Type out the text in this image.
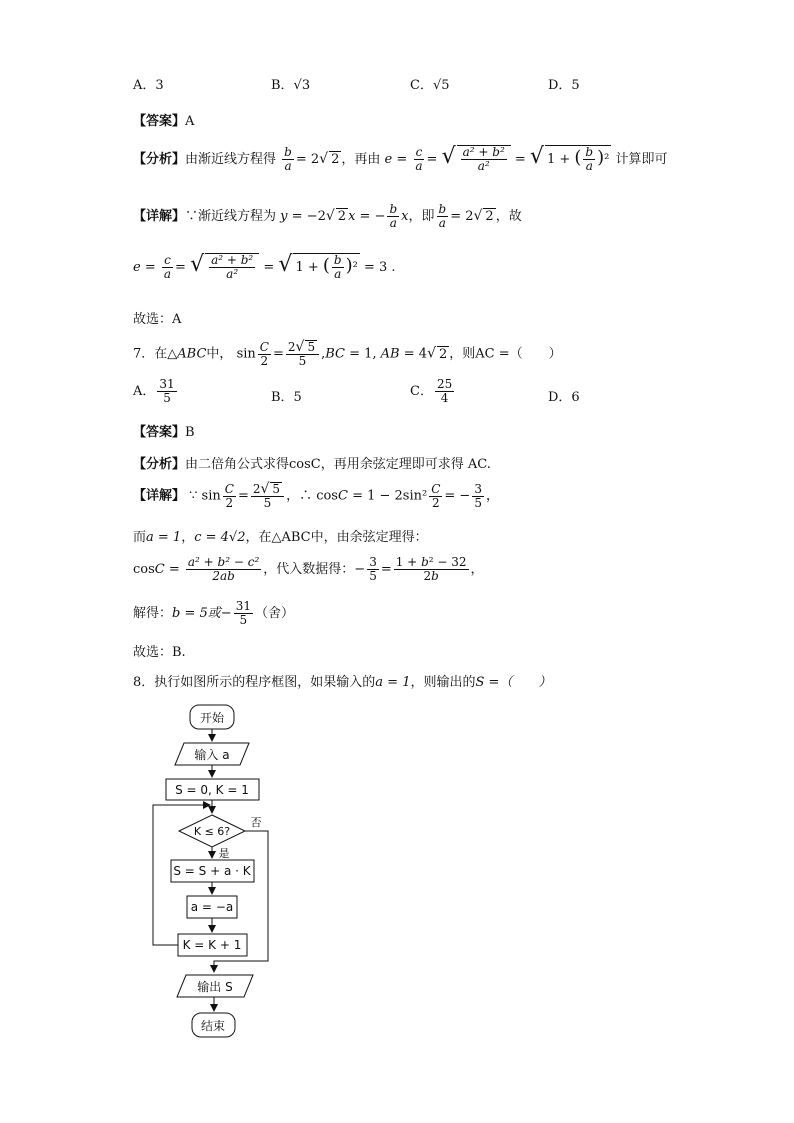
A．3	B．√3	C．√5	D．5
【答案】A
【分析】由渐近线方程得 $\frac{b}{a} = 2√$ 2 ，再由 $e = \frac{c}{a}$ = √ $\frac{\text{a² + b²}}{\text{a²}}$ = √ 1 + ( $\frac{b}{a} )^2$ 计算即可
【详解】∵渐近线方程为 y = −2√ 2 x = − $\frac{b}{a}$ x，即 $\frac{b}{a} = 2√$ 2 ，故
$e = \frac{c}{a}$ = √ $\frac{\text{a² + b²}}{\text{a²}}$ = √ 1 + ( $\frac{b}{a} )^2 = 3$ .
故选：A
7．在△ABC中， $\sin \frac{C}{2} = \frac{2√ 5}{5} ,BC = 1$, AB = 4√ 2 ，则AC =（　　）
A． $\frac{31}{5}$	B．5	C． $\frac{25}{4}$	D．6
【答案】B
【分析】由二倍角公式求得cosC，再用余弦定理即可求得 AC.
【详解】 ∵ $\sin \frac{C}{2} = \frac{2√ 5}{5}$ ，∴ $\cos C = 1 - 2\sin^2 \frac{C}{2}$ = − $\frac{3}{5}$ ，
而a = 1，c = 4√2，在△ABC中，由余弦定理得：
$\cos C = \frac{\text{a² + b² − c²}}{2ab}$ ，代入数据得：− $\frac{3}{5} = \frac{\text{1 + b² − 32}}{2b}$ ，
解得：b = 5或− $\frac{31}{5}$ （舍）
故选：B.
8．执行如图所示的程序框图，如果输入的a = 1，则输出的S =（　　）
开始
输入 a
S = 0, K = 1
K ≤ 6?
是
否
S = S + a · K
a = −a
K = K + 1
输出 S
结束
